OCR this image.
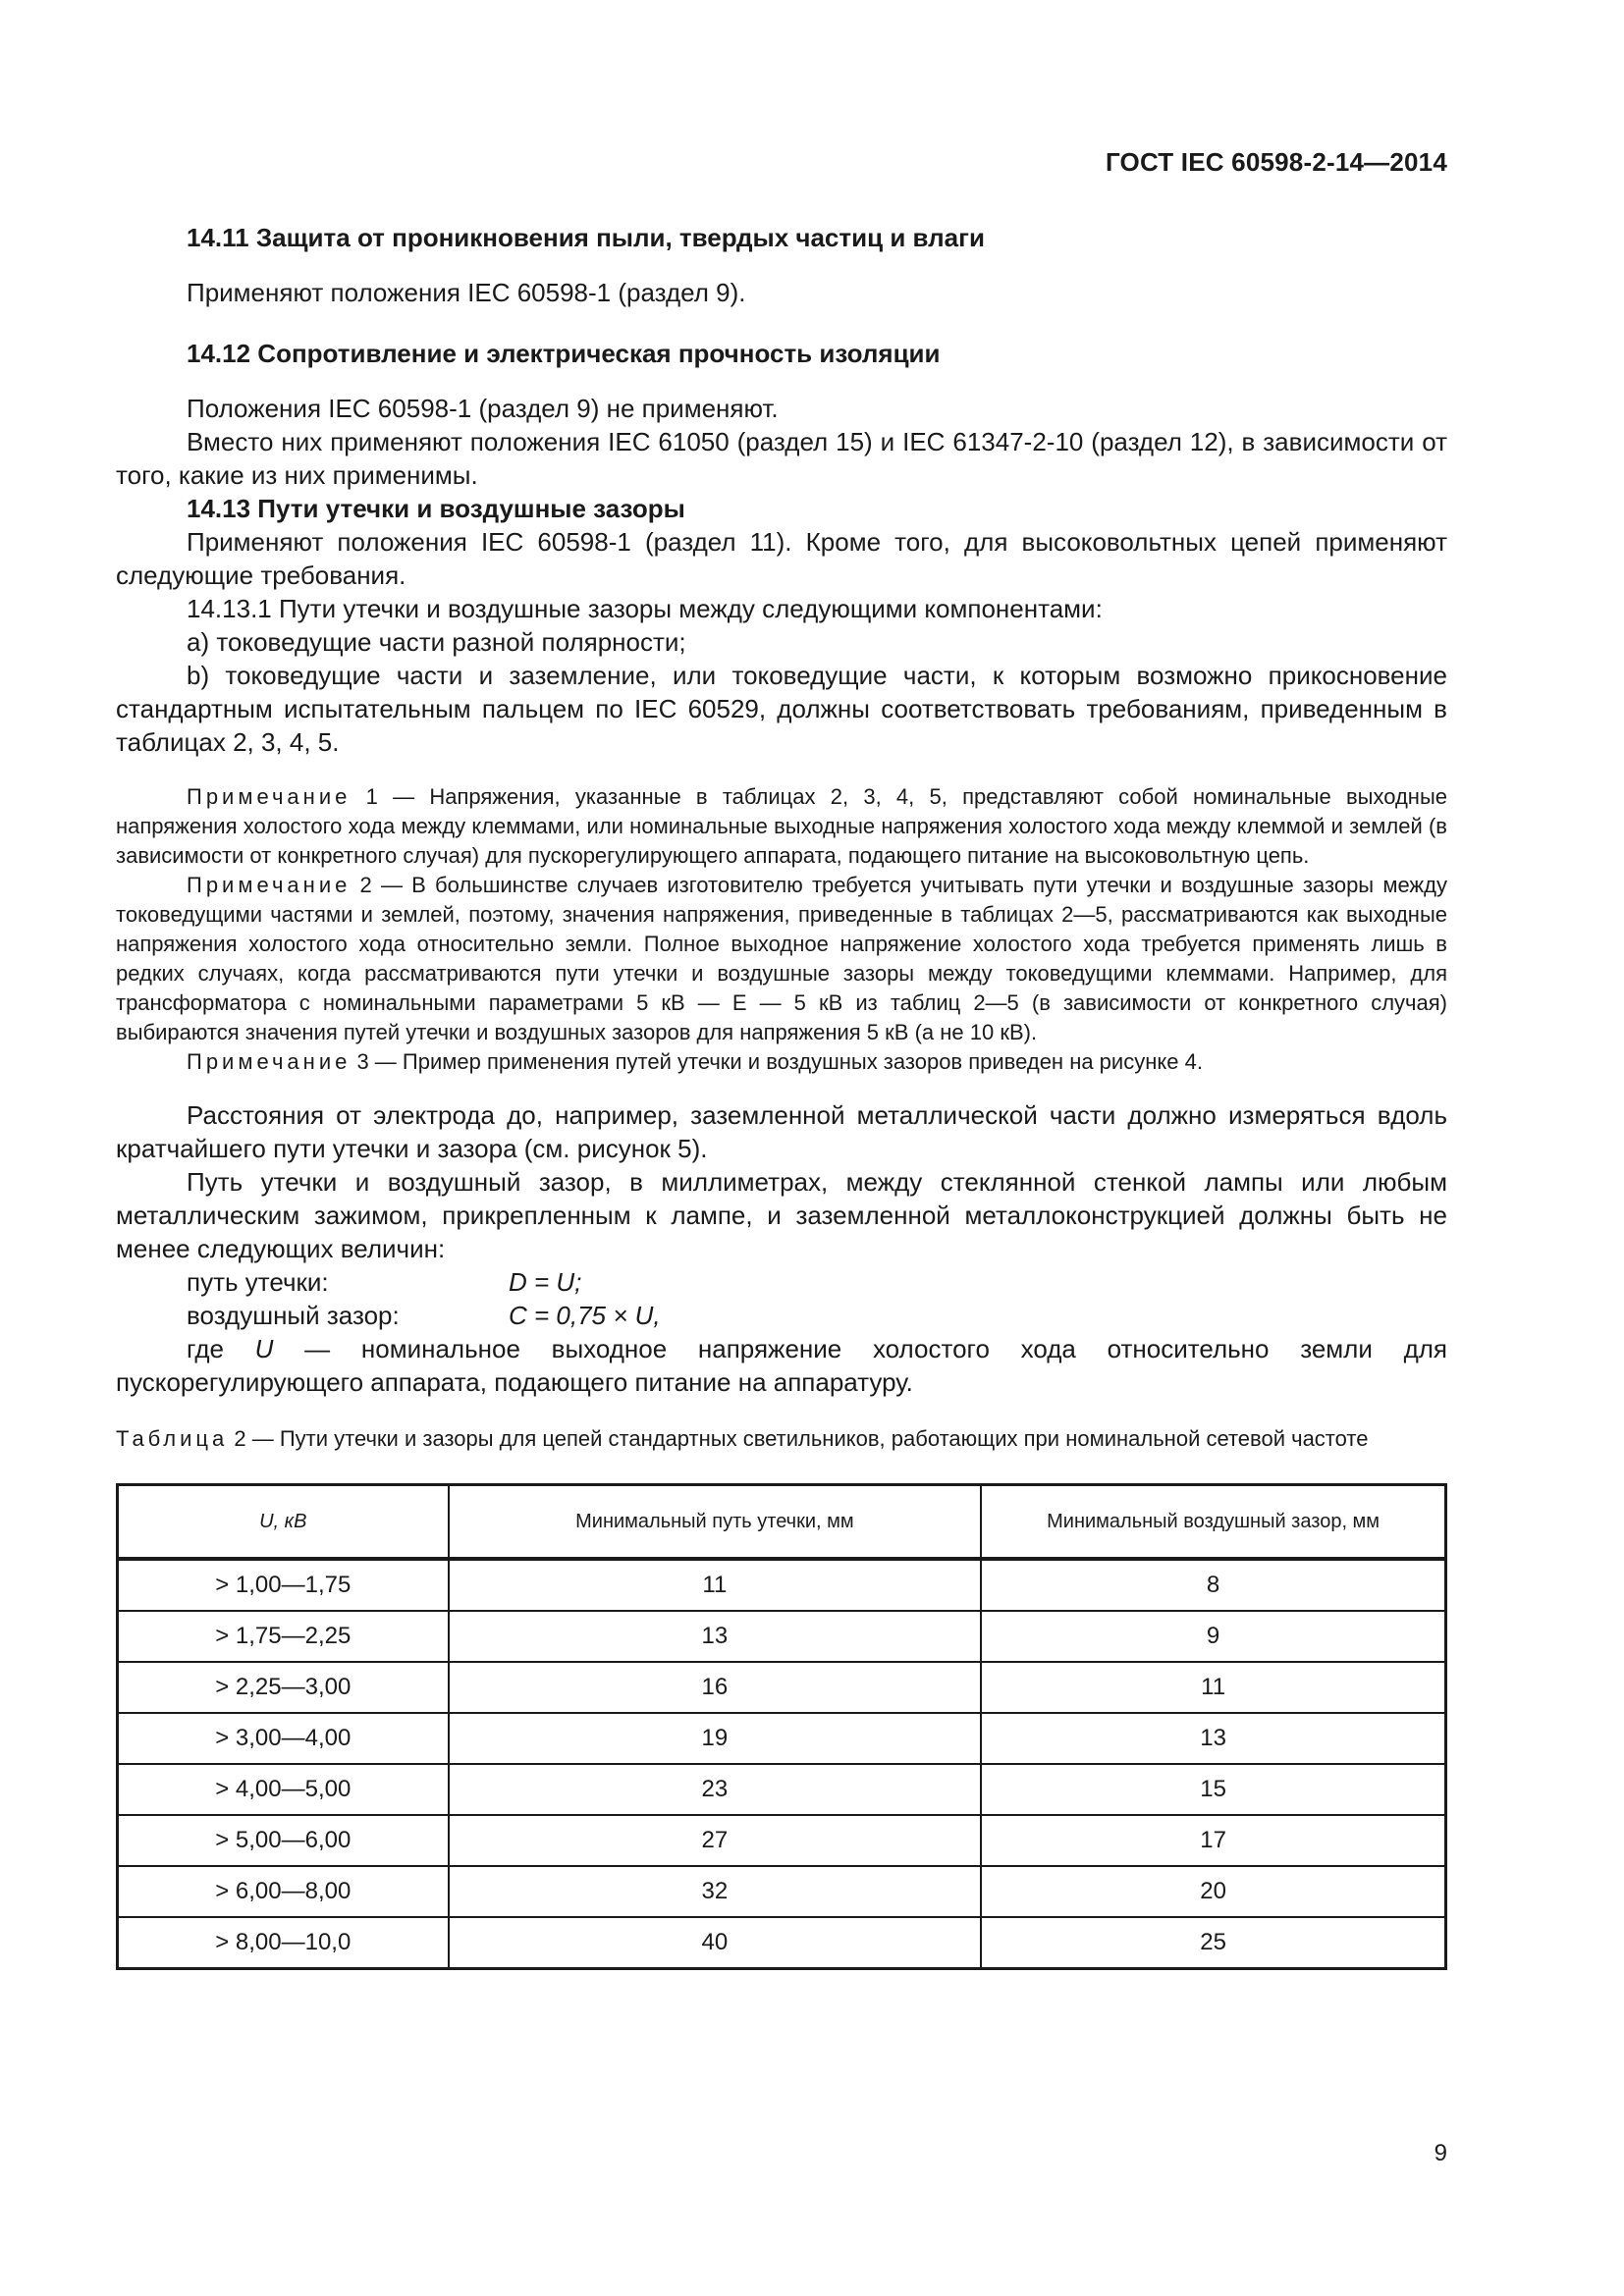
ГОСТ IEC 60598-2-14—2014

14.11 Защита от проникновения пыли, твердых частиц и влаги

Применяют положения IEC 60598-1 (раздел 9).

14.12 Сопротивление и электрическая прочность изоляции

Положения IEC 60598-1 (раздел 9) не применяют.

Вместо них применяют положения IEC 61050 (раздел 15) и IEC 61347-2-10 (раздел 12), в зависимости от того, какие из них применимы.

14.13 Пути утечки и воздушные зазоры

Применяют положения IEC 60598-1 (раздел 11). Кроме того, для высоковольтных цепей применяют следующие требования.

14.13.1 Пути утечки и воздушные зазоры между следующими компонентами:

а) токоведущие части разной полярности;

b) токоведущие части и заземление, или токоведущие части, к которым возможно прикосновение стандартным испытательным пальцем по IEC 60529, должны соответствовать требованиям, приведенным в таблицах 2, 3, 4, 5.

Примечание 1 — Напряжения, указанные в таблицах 2, 3, 4, 5, представляют собой номинальные выходные напряжения холостого хода между клеммами, или номинальные выходные напряжения холостого хода между клеммой и землей (в зависимости от конкретного случая) для пускорегулирующего аппарата, подающего питание на высоковольтную цепь.

Примечание 2 — В большинстве случаев изготовителю требуется учитывать пути утечки и воздушные зазоры между токоведущими частями и землей, поэтому, значения напряжения, приведенные в таблицах 2—5, рассматриваются как выходные напряжения холостого хода относительно земли. Полное выходное напряжение холостого хода требуется применять лишь в редких случаях, когда рассматриваются пути утечки и воздушные зазоры между токоведущими клеммами. Например, для трансформатора с номинальными параметрами 5 кВ — E — 5 кВ из таблиц 2—5 (в зависимости от конкретного случая) выбираются значения путей утечки и воздушных зазоров для напряжения 5 кВ (а не 10 кВ).

Примечание 3 — Пример применения путей утечки и воздушных зазоров приведен на рисунке 4.

Расстояния от электрода до, например, заземленной металлической части должно измеряться вдоль кратчайшего пути утечки и зазора (см. рисунок 5).

Путь утечки и воздушный зазор, в миллиметрах, между стеклянной стенкой лампы или любым металлическим зажимом, прикрепленным к лампе, и заземленной металлоконструкцией должны быть не менее следующих величин:

путь утечки:	D = U;

воздушный зазор:	C = 0,75 × U,

где U — номинальное выходное напряжение холостого хода относительно земли для пускорегулирующего аппарата, подающего питание на аппаратуру.

Таблица 2 — Пути утечки и зазоры для цепей стандартных светильников, работающих при номинальной сетевой частоте

U, кВ	Минимальный путь утечки, мм	Минимальный воздушный зазор, мм
> 1,00—1,75	11	8
> 1,75—2,25	13	9
> 2,25—3,00	16	11
> 3,00—4,00	19	13
> 4,00—5,00	23	15
> 5,00—6,00	27	17
> 6,00—8,00	32	20
> 8,00—10,0	40	25
9
